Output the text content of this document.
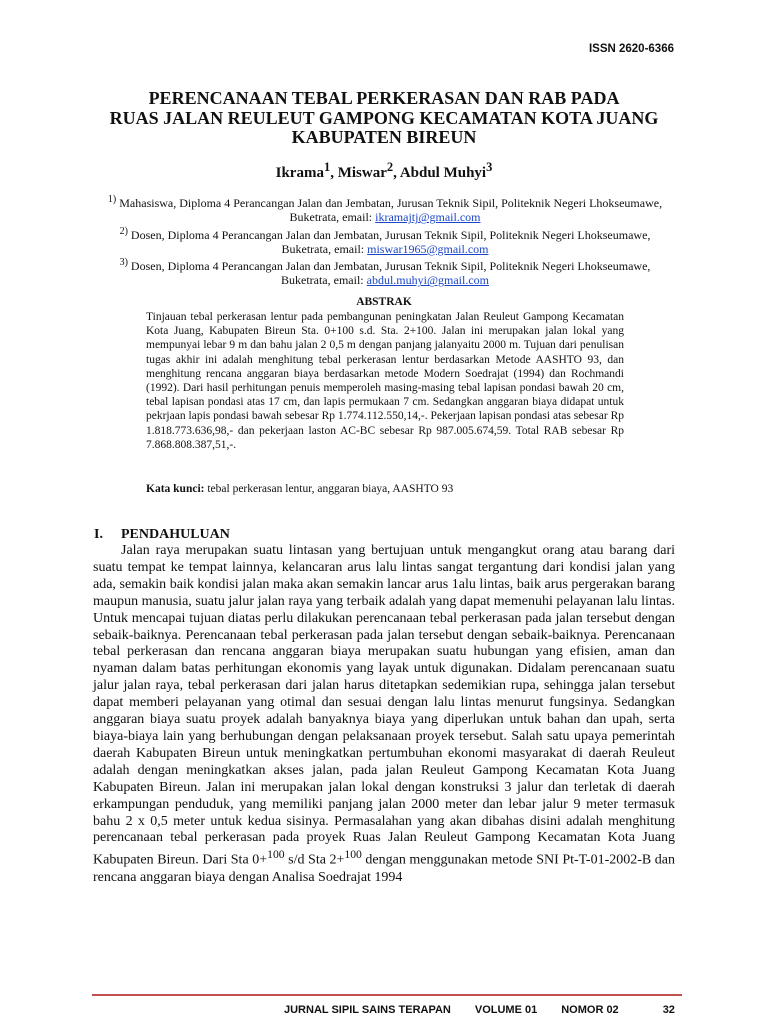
ISSN 2620-6366
PERENCANAAN TEBAL PERKERASAN DAN RAB PADA
RUAS JALAN REULEUT GAMPONG KECAMATAN KOTA JUANG
KABUPATEN BIREUN

Ikrama$^1$, Miswar$^2$, Abdul Muhyi$^3$

$^{1)}$ Mahasiswa, Diploma 4 Perancangan Jalan dan Jembatan, Jurusan Teknik Sipil, Politeknik Negeri Lhokseumawe, Buketrata, email: ikramajtj@gmail.com
$^{2)}$ Dosen, Diploma 4 Perancangan Jalan dan Jembatan, Jurusan Teknik Sipil, Politeknik Negeri Lhokseumawe, Buketrata, email: miswar1965@gmail.com
$^{3)}$ Dosen, Diploma 4 Perancangan Jalan dan Jembatan, Jurusan Teknik Sipil, Politeknik Negeri Lhokseumawe, Buketrata, email: abdul.muhyi@gmail.com
ABSTRAK

Tinjauan tebal perkerasan lentur pada pembangunan peningkatan Jalan Reuleut Gampong Kecamatan Kota Juang, Kabupaten Bireun Sta. 0+100 s.d. Sta. 2+100. Jalan ini merupakan jalan lokal yang mempunyai lebar 9 m dan bahu jalan 2 0,5 m dengan panjang jalanyaitu 2000 m. Tujuan dari penulisan tugas akhir ini adalah menghitung tebal perkerasan lentur berdasarkan Metode AASHTO 93, dan menghitung rencana anggaran biaya berdasarkan metode Modern Soedrajat (1994) dan Rochmandi (1992). Dari hasil perhitungan penuis memperoleh masing-masing tebal lapisan pondasi bawah 20 cm, tebal lapisan pondasi atas 17 cm, dan lapis permukaan 7 cm. Sedangkan anggaran biaya didapat untuk pekrjaan lapis pondasi bawah sebesar Rp 1.774.112.550,14,-. Pekerjaan lapisan pondasi atas sebesar Rp 1.818.773.636,98,- dan pekerjaan laston AC-BC sebesar Rp 987.005.674,59. Total RAB sebesar Rp 7.868.808.387,51,-.

Kata kunci: tebal perkerasan lentur, anggaran biaya, AASHTO 93

I. PENDAHULUAN

Jalan raya merupakan suatu lintasan yang bertujuan untuk mengangkut orang atau barang dari suatu tempat ke tempat lainnya, kelancaran arus lalu lintas sangat tergantung dari kondisi jalan yang ada, semakin baik kondisi jalan maka akan semakin lancar arus 1alu lintas, baik arus pergerakan barang maupun manusia, suatu jalur jalan raya yang terbaik adalah yang dapat memenuhi pelayanan lalu lintas. Untuk mencapai tujuan diatas perlu dilakukan perencanaan tebal perkerasan pada jalan tersebut dengan sebaik-baiknya. Perencanaan tebal perkerasan pada jalan tersebut dengan sebaik-baiknya. Perencanaan tebal perkerasan dan rencana anggaran biaya merupakan suatu hubungan yang efisien, aman dan nyaman dalam batas perhitungan ekonomis yang layak untuk digunakan. Didalam perencanaan suatu jalur jalan raya, tebal perkerasan dari jalan harus ditetapkan sedemikian rupa, sehingga jalan tersebut dapat memberi pelayanan yang otimal dan sesuai dengan lalu lintas menurut fungsinya. Sedangkan anggaran biaya suatu proyek adalah banyaknya biaya yang diperlukan untuk bahan dan upah, serta biaya-biaya lain yang berhubungan dengan pelaksanaan proyek tersebut. Salah satu upaya pemerintah daerah Kabupaten Bireun untuk meningkatkan pertumbuhan ekonomi masyarakat di daerah Reuleut adalah dengan meningkatkan akses jalan, pada jalan Reuleut Gampong Kecamatan Kota Juang Kabupaten Bireun. Jalan ini merupakan jalan lokal dengan konstruksi 3 jalur dan terletak di daerah erkampungan penduduk, yang memiliki panjang jalan 2000 meter dan lebar jalur 9 meter termasuk bahu 2 x 0,5 meter untuk kedua sisinya. Permasalahan yang akan dibahas disini adalah menghitung perencanaan tebal perkerasan pada proyek Ruas Jalan Reuleut Gampong Kecamatan Kota Juang Kabupaten Bireun. Dari Sta 0+$^{100}$ s/d Sta 2+$^{100}$ dengan menggunakan metode SNI Pt-T-01-2002-B dan rencana anggaran biaya dengan Analisa Soedrajat 1994

JURNAL SIPIL SAINS TERAPAN VOLUME 01 NOMOR 02	32
